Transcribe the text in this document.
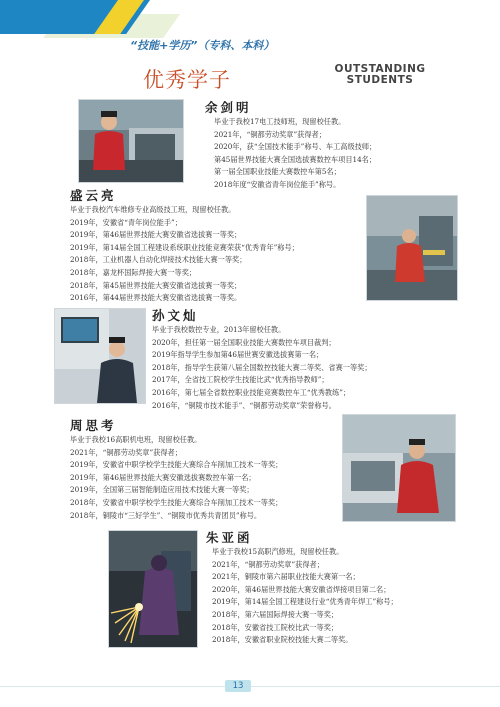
“技能+学历”（专科、本科）
优秀学子	OUTSTANDING
STUDENTS
余剑明
毕业于我校17电工技师班，现留校任教。
2021年，“铜都劳动奖章”获得者；
2020年，获“全国技术能手”称号、车工高级技师；
第45届世界技能大赛全国选拔赛数控车项目14名；
第一届全国职业技能大赛数控车第5名；
2018年度“安徽省青年岗位能手”称号。
盛云亮
毕业于我校汽车维修专业高级技工班，现留校任教。
2019年，安徽省“青年岗位能手”；
2019年，第46届世界技能大赛安徽省选拔赛一等奖；
2019年，第14届全国工程建设系统职业技能竞赛荣获“优秀青年”称号；
2018年，工业机器人自动化焊接技术技能大赛一等奖；
2018年，嘉龙杯国际焊接大赛一等奖；
2018年，第45届世界技能大赛安徽省选拔赛一等奖；
2016年，第44届世界技能大赛安徽省选拔赛一等奖。
孙文灿
毕业于我校数控专业，2013年留校任教。
2020年，担任第一届全国职业技能大赛数控车项目裁判；
2019年指导学生参加第46届世赛安徽选拔赛第一名；
2018年，指导学生获第八届全国数控技能大赛二等奖、省赛一等奖；
2017年，全省技工院校学生技能比武“优秀指导教师”；
2016年，第七届全省数控职业技能竞赛数控车工“优秀教练”；
2016年，“铜陵市技术能手”、“铜都劳动奖章”荣誉称号。
周思考
毕业于我校16高职机电班，现留校任教。
2021年，“铜都劳动奖章”获得者；
2019年，安徽省中职学校学生技能大赛综合车削加工技术一等奖；
2019年，第46届世界技能大赛安徽选拔赛数控车第一名；
2019年，全国第三届智能制造应用技术技能大赛一等奖；
2018年，安徽省中职学校学生技能大赛综合车削加工技术一等奖；
2018年，铜陵市“三好学生”、“铜陵市优秀共青团员”称号。
朱亚函
毕业于我校15高职汽修班，现留校任教。
2021年，“铜都劳动奖章”获得者；
2021年，铜陵市第六届职业技能大赛第一名；
2020年，第46届世界技能大赛安徽省焊接项目第二名；
2019年，第14届全国工程建设行业“优秀青年焊工”称号；
2018年，第六届国际焊接大赛一等奖；
2018年，安徽省技工院校比武一等奖；
2018年，安徽省职业院校技能大赛二等奖。
13
